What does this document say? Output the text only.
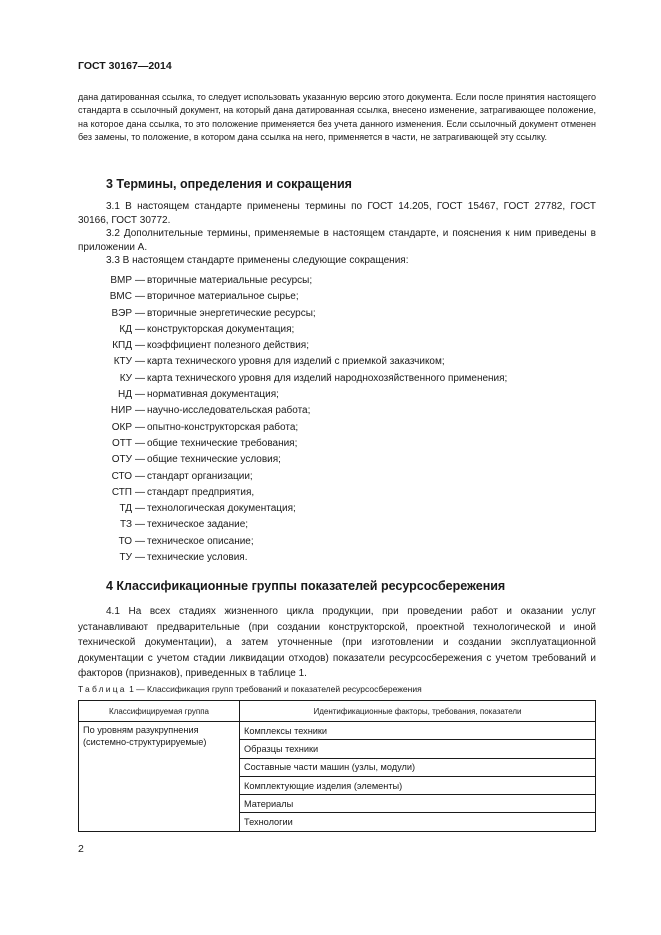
ГОСТ 30167—2014
дана датированная ссылка, то следует использовать указанную версию этого документа. Если после принятия настоящего стандарта в ссылочный документ, на который дана датированная ссылка, внесено изменение, затрагивающее положение, на которое дана ссылка, то это положение применяется без учета данного изменения. Если ссылочный документ отменен без замены, то положение, в котором дана ссылка на него, применяется в части, не затрагивающей эту ссылку.
3 Термины, определения и сокращения
3.1 В настоящем стандарте применены термины по ГОСТ 14.205, ГОСТ 15467, ГОСТ 27782, ГОСТ 30166, ГОСТ 30772.
3.2 Дополнительные термины, применяемые в настоящем стандарте, и пояснения к ним приведены в приложении А.
3.3 В настоящем стандарте применены следующие сокращения:
ВМР — вторичные материальные ресурсы;
ВМС — вторичное материальное сырье;
ВЭР — вторичные энергетические ресурсы;
КД — конструкторская документация;
КПД — коэффициент полезного действия;
КТУ — карта технического уровня для изделий с приемкой заказчиком;
КУ — карта технического уровня для изделий народнохозяйственного применения;
НД — нормативная документация;
НИР — научно-исследовательская работа;
ОКР — опытно-конструкторская работа;
ОТТ — общие технические требования;
ОТУ — общие технические условия;
СТО — стандарт организации;
СТП — стандарт предприятия,
ТД — технологическая документация;
ТЗ — техническое задание;
ТО — техническое описание;
ТУ — технические условия.
4 Классификационные группы показателей ресурсосбережения
4.1 На всех стадиях жизненного цикла продукции, при проведении работ и оказании услуг устанавливают предварительные (при создании конструкторской, проектной технологической и иной технической документации), а затем уточненные (при изготовлении и создании эксплуатационной документации с учетом стадии ликвидации отходов) показатели ресурсосбережения с учетом требований и факторов (признаков), приведенных в таблице 1.
Таблица 1 — Классификация групп требований и показателей ресурсосбережения
Классифицируемая группа	Идентификационные факторы, требования, показатели
По уровням разукрупнения (системно-структурируемые)	Комплексы техники
	Образцы техники
	Составные части машин (узлы, модули)
	Комплектующие изделия (элементы)
	Материалы
	Технологии
2
